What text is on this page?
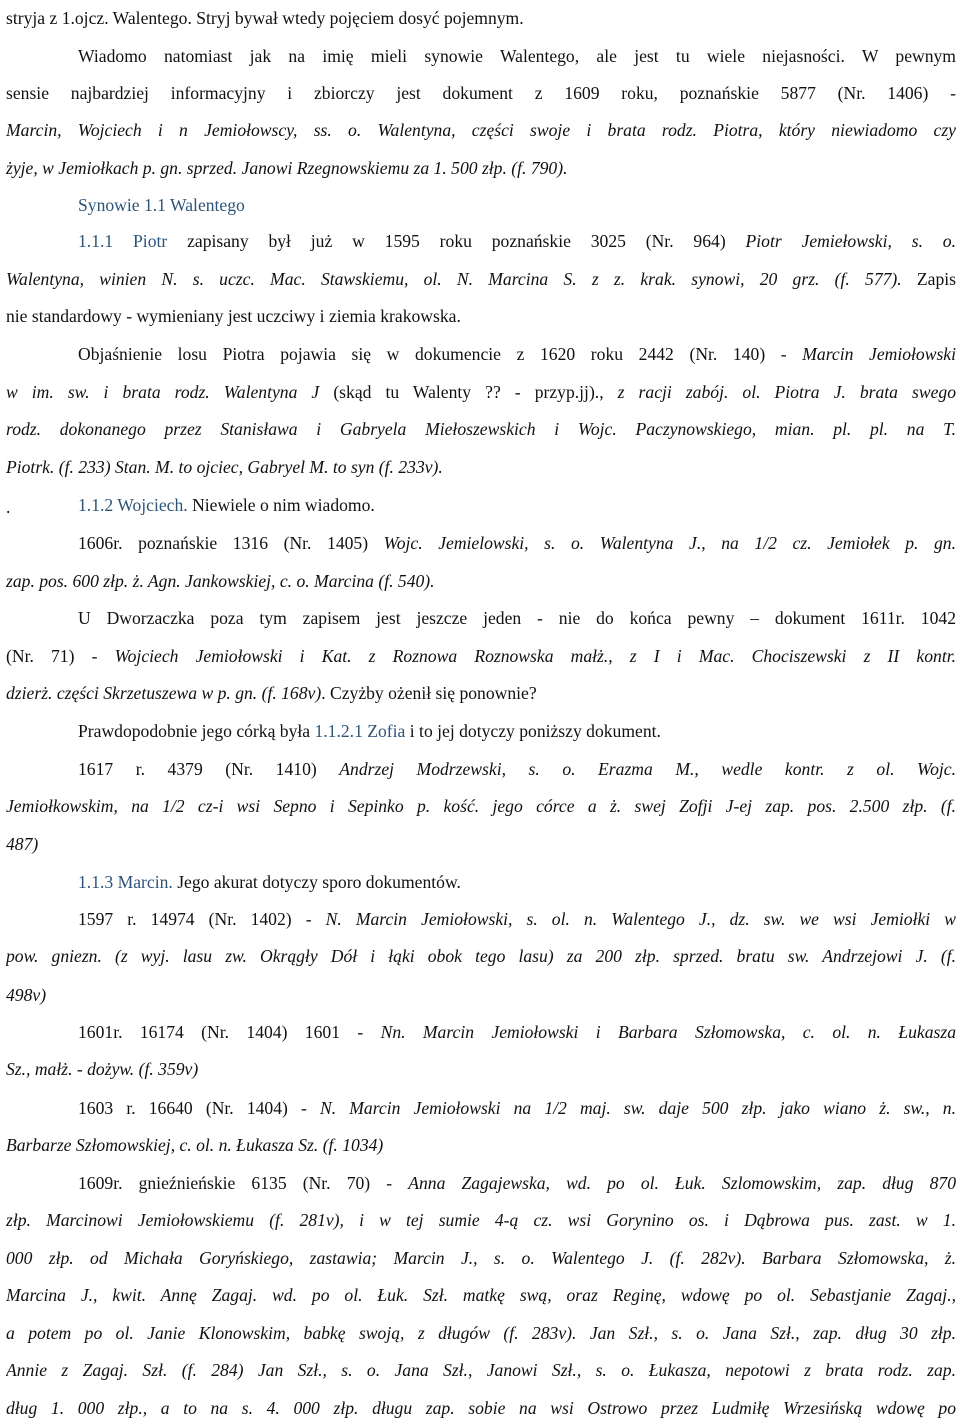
stryja z 1.ojcz. Walentego. Stryj bywał wtedy pojęciem dosyć pojemnym.
Wiadomo natomiast jak na imię mieli synowie Walentego, ale jest tu wiele niejasności. W pewnym
sensie najbardziej informacyjny i zbiorczy jest dokument z 1609 roku, poznańskie 5877 (Nr. 1406) -
Marcin, Wojciech i n Jemiołowscy, ss. o. Walentyna, części swoje i brata rodz. Piotra, który niewiadomo czy
żyje, w Jemiołkach p. gn. sprzed. Janowi Rzegnowskiemu za 1. 500 złp. (f. 790).
Synowie 1.1 Walentego
1.1.1 Piotr zapisany był już w 1595 roku poznańskie 3025 (Nr. 964) Piotr Jemiełowski, s. o.
Walentyna, winien N. s. uczc. Mac. Stawskiemu, ol. N. Marcina S. z z. krak. synowi, 20 grz. (f. 577). Zapis
nie standardowy - wymieniany jest uczciwy i ziemia krakowska.
Objaśnienie losu Piotra pojawia się w dokumencie z 1620 roku 2442 (Nr. 140) - Marcin Jemiołowski
w im. sw. i brata rodz. Walentyna J (skąd tu Walenty ?? - przyp.jj)., z racji zabój. ol. Piotra J. brata swego
rodz. dokonanego przez Stanisława i Gabryela Miełoszewskich i Wojc. Paczynowskiego, mian. pl. pl. na T.
Piotrk. (f. 233) Stan. M. to ojciec, Gabryel M. to syn (f. 233v).
1.1.2 Wojciech. Niewiele o nim wiadomo.
1606r. poznańskie 1316 (Nr. 1405) Wojc. Jemielowski, s. o. Walentyna J., na 1/2 cz. Jemiołek p. gn.
zap. pos. 600 złp. ż. Agn. Jankowskiej, c. o. Marcina (f. 540).
U Dworzaczka poza tym zapisem jest jeszcze jeden - nie do końca pewny – dokument 1611r. 1042
(Nr. 71) - Wojciech Jemiołowski i Kat. z Roznowa Roznowska małż., z I i Mac. Chociszewski z II kontr.
dzierż. części Skrzetuszewa w p. gn. (f. 168v). Czyżby ożenił się ponownie?
Prawdopodobnie jego córką była 1.1.2.1 Zofia i to jej dotyczy poniższy dokument.
1617 r. 4379 (Nr. 1410) Andrzej Modrzewski, s. o. Erazma M., wedle kontr. z ol. Wojc.
Jemiołkowskim, na 1/2 cz-i wsi Sepno i Sepinko p. kość. jego córce a ż. swej Zofji J-ej zap. pos. 2.500 złp. (f.
487)
1.1.3 Marcin. Jego akurat dotyczy sporo dokumentów.
1597 r. 14974 (Nr. 1402) - N. Marcin Jemiołowski, s. ol. n. Walentego J., dz. sw. we wsi Jemiołki w
pow. gniezn. (z wyj. lasu zw. Okrągły Dół i łąki obok tego lasu) za 200 złp. sprzed. bratu sw. Andrzejowi J. (f.
498v)
1601r. 16174 (Nr. 1404) 1601 - Nn. Marcin Jemiołowski i Barbara Szłomowska, c. ol. n. Łukasza
Sz., małż. - dożyw. (f. 359v)
1603 r. 16640 (Nr. 1404) - N. Marcin Jemiołowski na 1/2 maj. sw. daje 500 złp. jako wiano ż. sw., n.
Barbarze Szłomowskiej, c. ol. n. Łukasza Sz. (f. 1034)
1609r. gnieźnieńskie 6135 (Nr. 70) - Anna Zagajewska, wd. po ol. Łuk. Szlomowskim, zap. dług 870
złp. Marcinowi Jemiołowskiemu (f. 281v), i w tej sumie 4-ą cz. wsi Gorynino os. i Dąbrowa pus. zast. w 1.
000 złp. od Michała Goryńskiego, zastawia; Marcin J., s. o. Walentego J. (f. 282v). Barbara Szłomowska, ż.
Marcina J., kwit. Annę Zagaj. wd. po ol. Łuk. Szł. matkę swą, oraz Reginę, wdowę po ol. Sebastjanie Zagaj.,
a potem po ol. Janie Klonowskim, babkę swoją, z długów (f. 283v). Jan Szł., s. o. Jana Szł., zap. dług 30 złp.
Annie z Zagaj. Szł. (f. 284) Jan Szł., s. o. Jana Szł., Janowi Szł., s. o. Łukasza, nepotowi z brata rodz. zap.
dług 1. 000 złp., a to na s. 4. 000 złp. długu zap. sobie na wsi Ostrowo przez Ludmiłę Wrzesińską wdowę po
.
